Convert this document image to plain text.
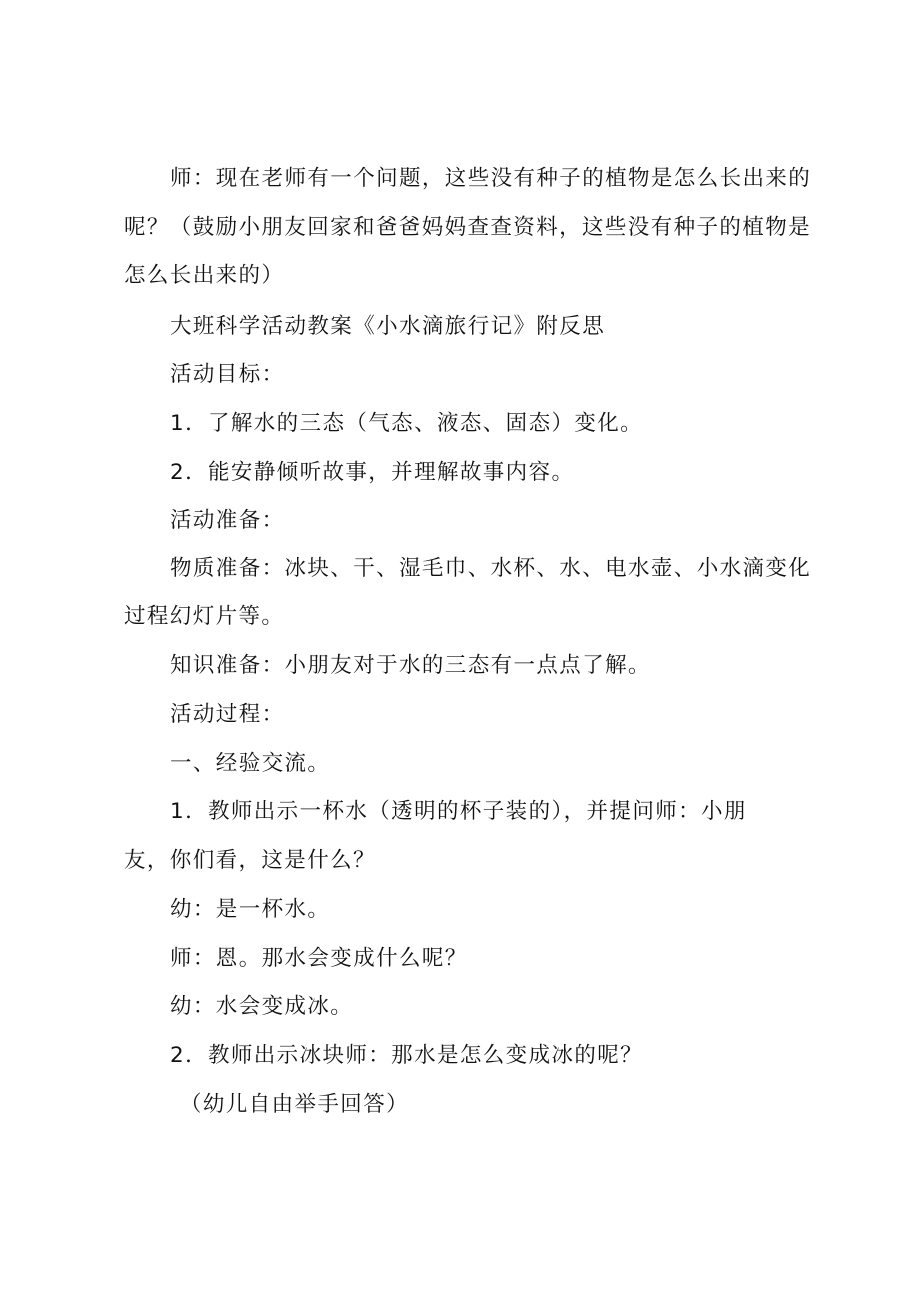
师：现在老师有一个问题，这些没有种子的植物是怎么长出来的
呢？（鼓励小朋友回家和爸爸妈妈查查资料，这些没有种子的植物是
怎么长出来的）
大班科学活动教案《小水滴旅行记》附反思
活动目标：
1．了解水的三态（气态、液态、固态）变化。
2．能安静倾听故事，并理解故事内容。
活动准备：
物质准备：冰块、干、湿毛巾、水杯、水、电水壶、小水滴变化
过程幻灯片等。
知识准备：小朋友对于水的三态有一点点了解。
活动过程：
一、经验交流。
1．教师出示一杯水（透明的杯子装的），并提问师：小朋
友，你们看，这是什么？
幼：是一杯水。
师：恩。那水会变成什么呢？
幼：水会变成冰。
2．教师出示冰块师：那水是怎么变成冰的呢？
（幼儿自由举手回答）
